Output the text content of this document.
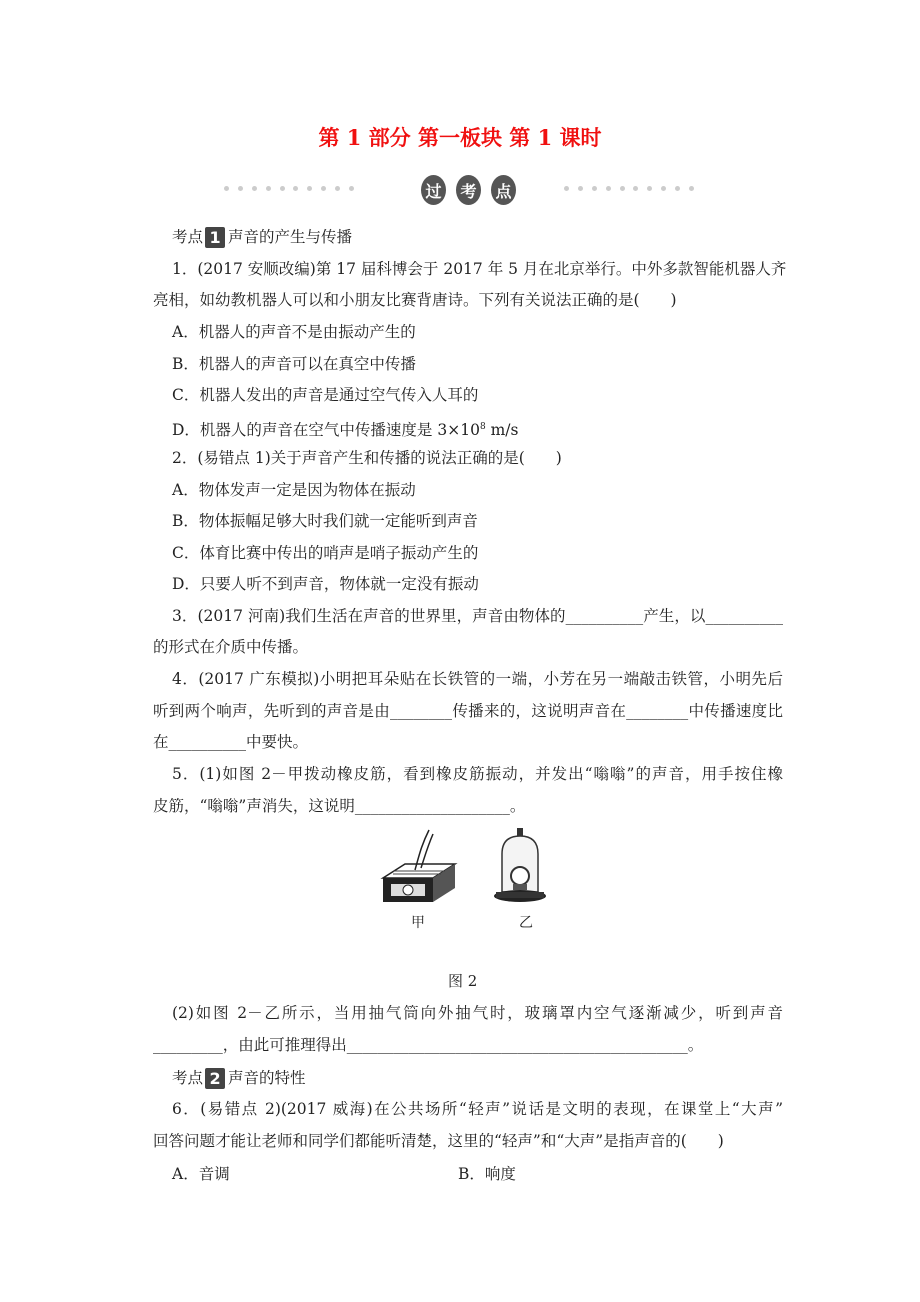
第 1 部分 第一板块 第 1 课时
过 考 点
考点 1 声音的产生与传播
1．(2017 安顺改编)第 17 届科博会于 2017 年 5 月在北京举行。中外多款智能机器人齐
亮相，如幼教机器人可以和小朋友比赛背唐诗。下列有关说法正确的是(　　)
A．机器人的声音不是由振动产生的
B．机器人的声音可以在真空中传播
C．机器人发出的声音是通过空气传入人耳的
D．机器人的声音在空气中传播速度是 $3\times 10^8$ m/s
2．(易错点 1)关于声音产生和传播的说法正确的是(　　)
A．物体发声一定是因为物体在振动
B．物体振幅足够大时我们就一定能听到声音
C．体育比赛中传出的哨声是哨子振动产生的
D．只要人听不到声音，物体就一定没有振动
3．(2017 河南)我们生活在声音的世界里，声音由物体的__________产生，以__________
的形式在介质中传播。
4．(2017 广东模拟)小明把耳朵贴在长铁管的一端，小芳在另一端敲击铁管，小明先后
听到两个响声，先听到的声音是由________传播来的，这说明声音在________中传播速度比
在__________中要快。
5．(1)如图 2－甲拨动橡皮筋，看到橡皮筋振动，并发出“嗡嗡”的声音，用手按住橡
皮筋，“嗡嗡”声消失，这说明____________________。
甲	乙
图 2
(2)如图 2－乙所示，当用抽气筒向外抽气时，玻璃罩内空气逐渐减少，听到声音
_________，由此可推理得出____________________________________________。
考点 2 声音的特性
6．(易错点 2)(2017 威海)在公共场所“轻声”说话是文明的表现，在课堂上“大声”
回答问题才能让老师和同学们都能听清楚，这里的“轻声”和“大声”是指声音的(　　)
A．音调	B．响度
